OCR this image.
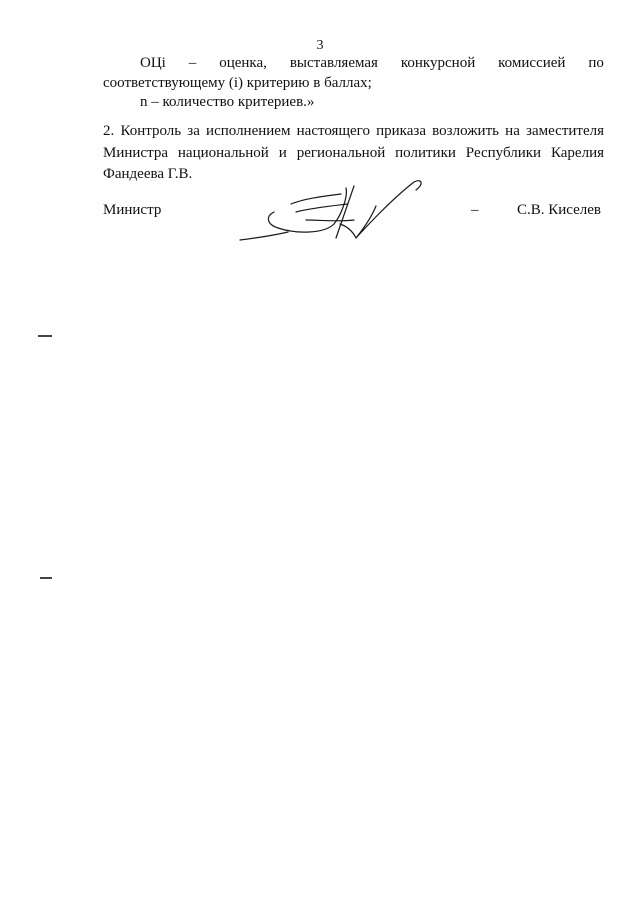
3
ОЦi – оценка, выставляемая конкурсной комиссией по
соответствующему (i) критерию в баллах;
n – количество критериев.»
2. Контроль за исполнением настоящего приказа возложить на заместителя
Министра национальной и региональной политики Республики Карелия
Фандеева Г.В.
Министр	–	С.В. Киселев
